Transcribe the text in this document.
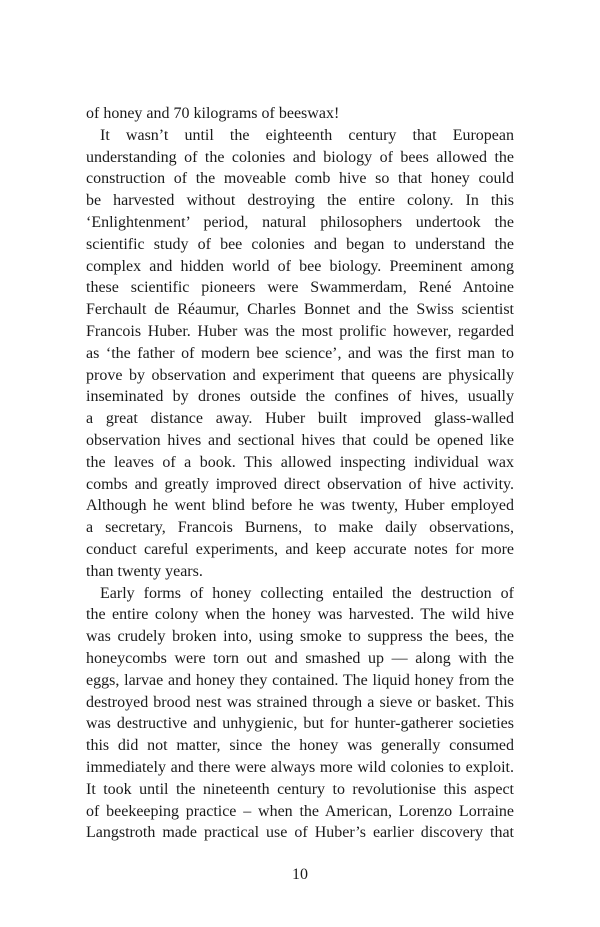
of honey and 70 kilograms of beeswax!
It wasn’t until the eighteenth century that European
understanding of the colonies and biology of bees allowed the
construction of the moveable comb hive so that honey could
be harvested without destroying the entire colony. In this
‘Enlightenment’ period, natural philosophers undertook the
scientific study of bee colonies and began to understand the
complex and hidden world of bee biology. Preeminent among
these scientific pioneers were Swammerdam, René Antoine
Ferchault de Réaumur, Charles Bonnet and the Swiss scientist
Francois Huber. Huber was the most prolific however, regarded
as ‘the father of modern bee science’, and was the first man to
prove by observation and experiment that queens are physically
inseminated by drones outside the confines of hives, usually
a great distance away. Huber built improved glass-walled
observation hives and sectional hives that could be opened like
the leaves of a book. This allowed inspecting individual wax
combs and greatly improved direct observation of hive activity.
Although he went blind before he was twenty, Huber employed
a secretary, Francois Burnens, to make daily observations,
conduct careful experiments, and keep accurate notes for more
than twenty years.
Early forms of honey collecting entailed the destruction of
the entire colony when the honey was harvested. The wild hive
was crudely broken into, using smoke to suppress the bees, the
honeycombs were torn out and smashed up — along with the
eggs, larvae and honey they contained. The liquid honey from the
destroyed brood nest was strained through a sieve or basket. This
was destructive and unhygienic, but for hunter-gatherer societies
this did not matter, since the honey was generally consumed
immediately and there were always more wild colonies to exploit.
It took until the nineteenth century to revolutionise this aspect
of beekeeping practice – when the American, Lorenzo Lorraine
Langstroth made practical use of Huber’s earlier discovery that
10
